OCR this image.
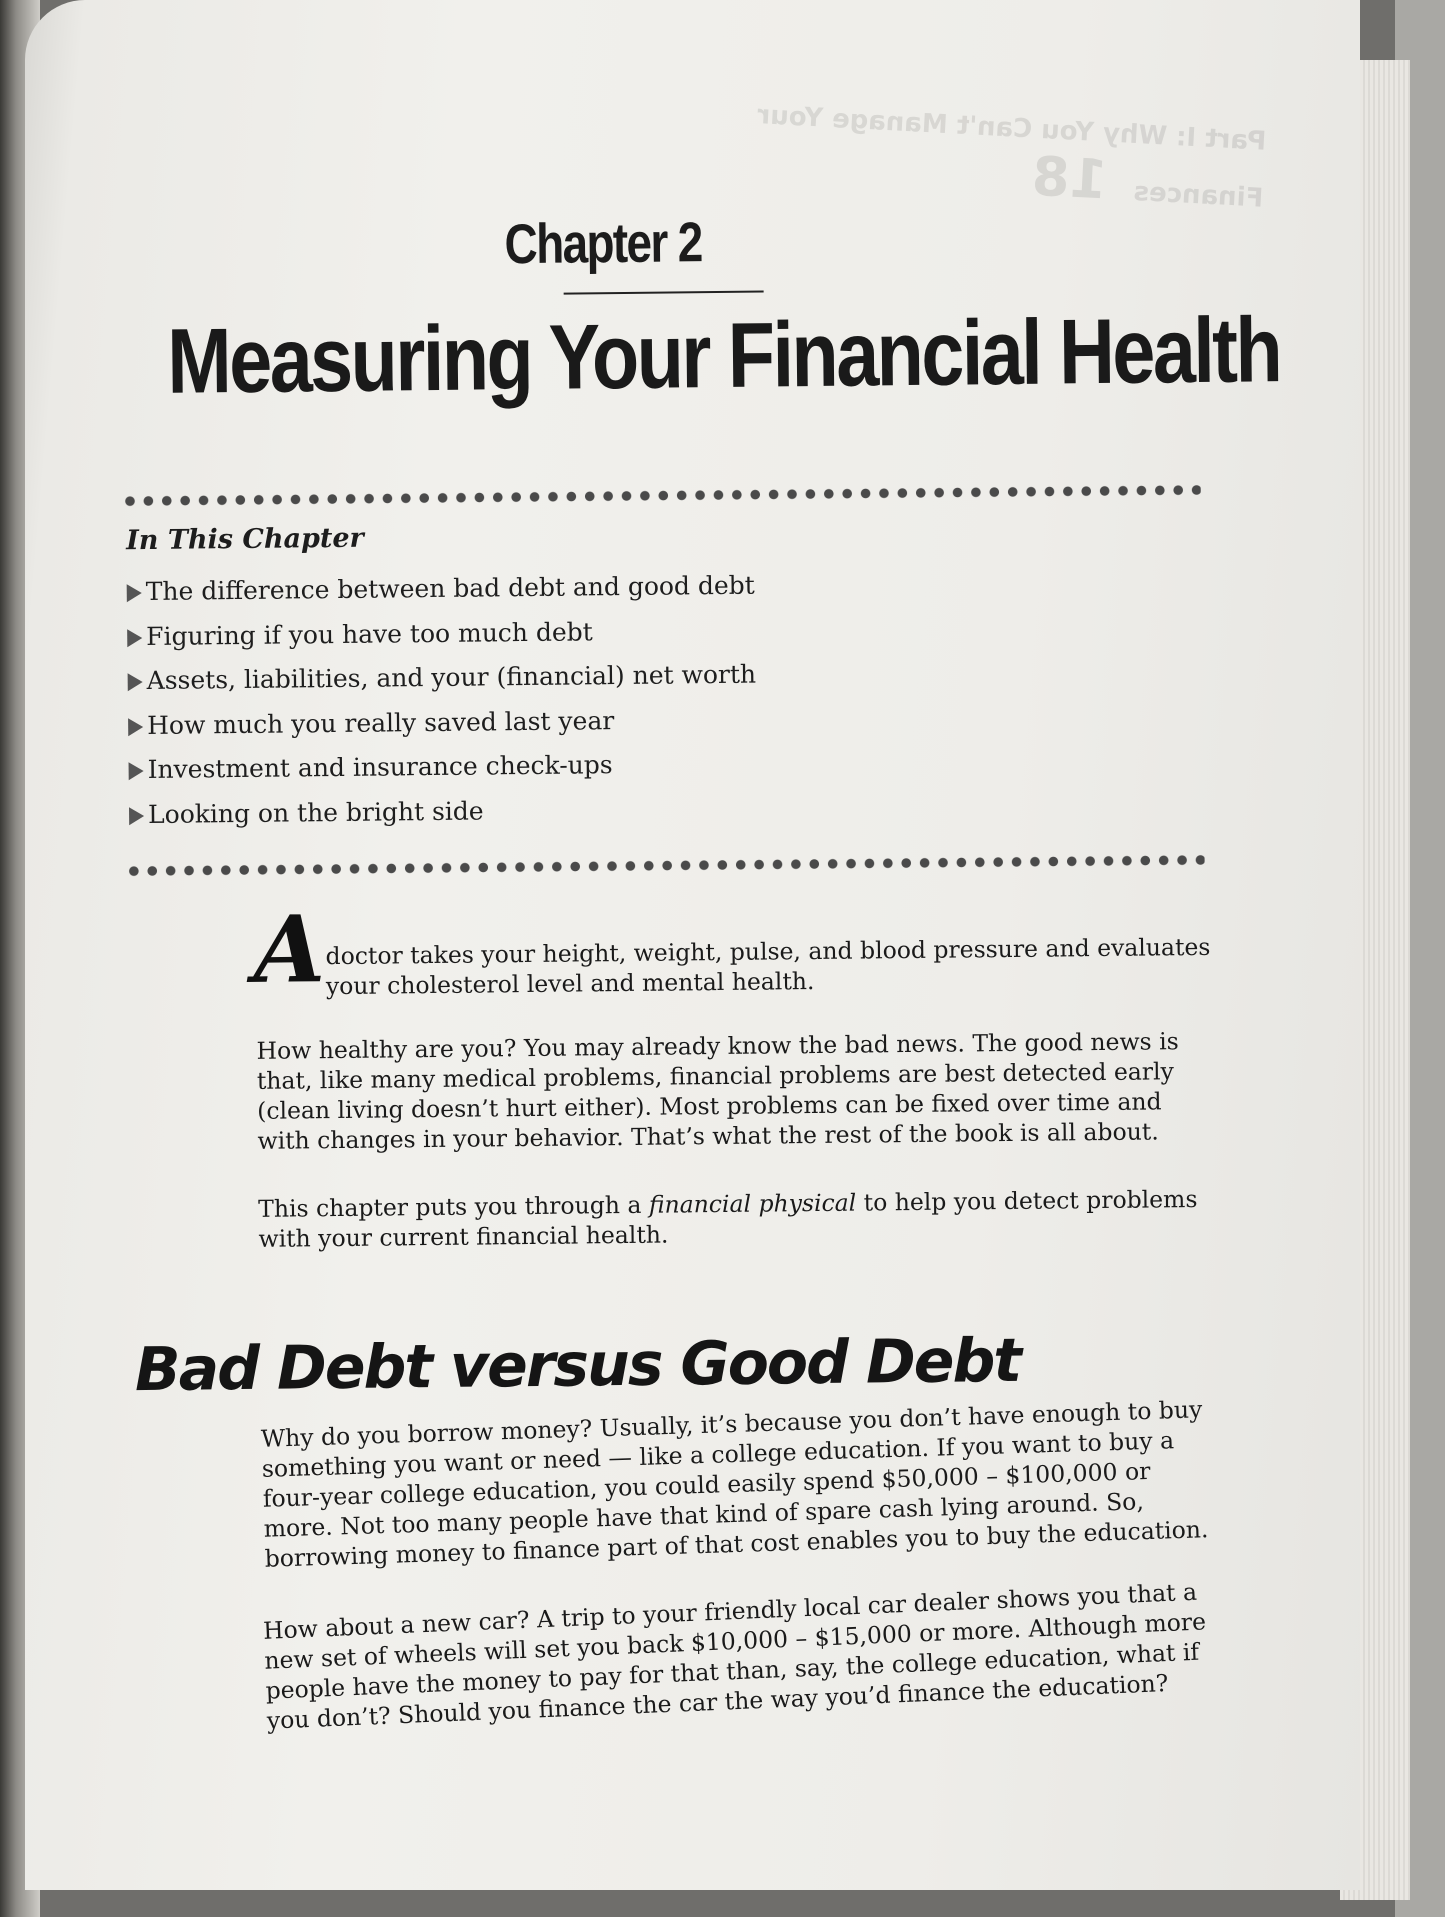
Part I: Why You Can't Manage Your Finances 18
Chapter 2
Measuring Your Financial Health
In This Chapter
The difference between bad debt and good debt
Figuring if you have too much debt
Assets, liabilities, and your (financial) net worth
How much you really saved last year
Investment and insurance check-ups
Looking on the bright side
A doctor takes your height, weight, pulse, and blood pressure and evaluates
your cholesterol level and mental health.

How healthy are you? You may already know the bad news. The good news is that, like many medical problems, financial problems are best detected early (clean living doesn’t hurt either). Most problems can be fixed over time and with changes in your behavior. That’s what the rest of the book is all about.

This chapter puts you through a financial physical to help you detect problems with your current financial health.

Bad Debt versus Good Debt

Why do you borrow money? Usually, it’s because you don’t have enough to buy something you want or need — like a college education. If you want to buy a four-year college education, you could easily spend $50,000 – $100,000 or more. Not too many people have that kind of spare cash lying around. So, borrowing money to finance part of that cost enables you to buy the education.

How about a new car? A trip to your friendly local car dealer shows you that a new set of wheels will set you back $10,000 – $15,000 or more. Although more people have the money to pay for that than, say, the college education, what if you don’t? Should you finance the car the way you’d finance the education?
